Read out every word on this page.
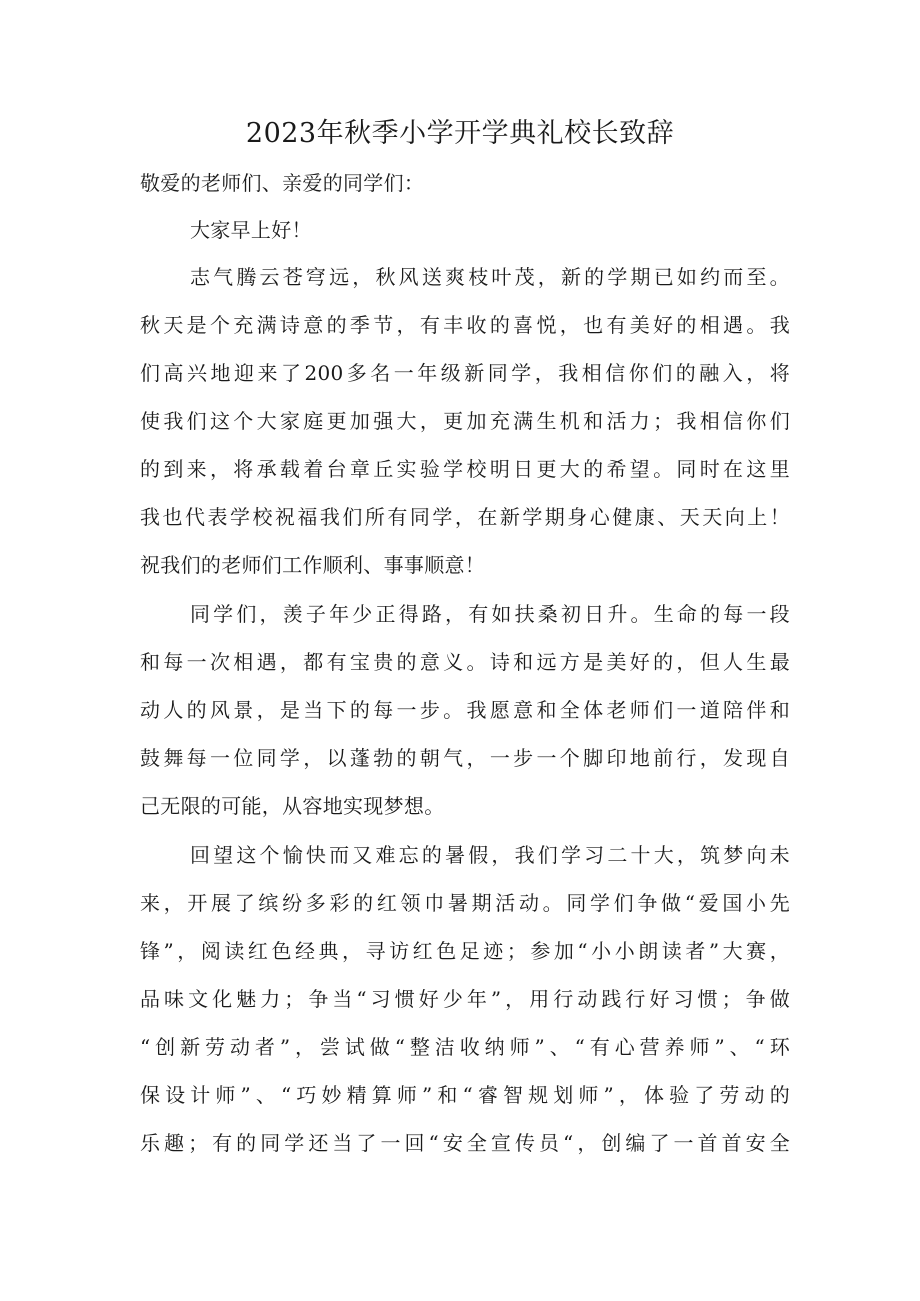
2023年秋季小学开学典礼校长致辞
敬爱的老师们、亲爱的同学们：
大家早上好！
志气腾云苍穹远，秋风送爽枝叶茂，新的学期已如约而至。
秋天是个充满诗意的季节，有丰收的喜悦，也有美好的相遇。我
们高兴地迎来了200多名一年级新同学，我相信你们的融入，将
使我们这个大家庭更加强大，更加充满生机和活力；我相信你们
的到来，将承载着台章丘实验学校明日更大的希望。同时在这里
我也代表学校祝福我们所有同学，在新学期身心健康、天天向上！
祝我们的老师们工作顺利、事事顺意！
同学们，羡子年少正得路，有如扶桑初日升。生命的每一段
和每一次相遇，都有宝贵的意义。诗和远方是美好的，但人生最
动人的风景，是当下的每一步。我愿意和全体老师们一道陪伴和
鼓舞每一位同学，以蓬勃的朝气，一步一个脚印地前行，发现自
己无限的可能，从容地实现梦想。
回望这个愉快而又难忘的暑假，我们学习二十大，筑梦向未
来，开展了缤纷多彩的红领巾暑期活动。同学们争做“爱国小先
锋”，阅读红色经典，寻访红色足迹；参加“小小朗读者”大赛，
品味文化魅力；争当“习惯好少年”，用行动践行好习惯；争做
“创新劳动者”，尝试做“整洁收纳师”、“有心营养师”、“环
保设计师”、“巧妙精算师”和“睿智规划师”，体验了劳动的
乐趣；有的同学还当了一回“安全宣传员“，创编了一首首安全
